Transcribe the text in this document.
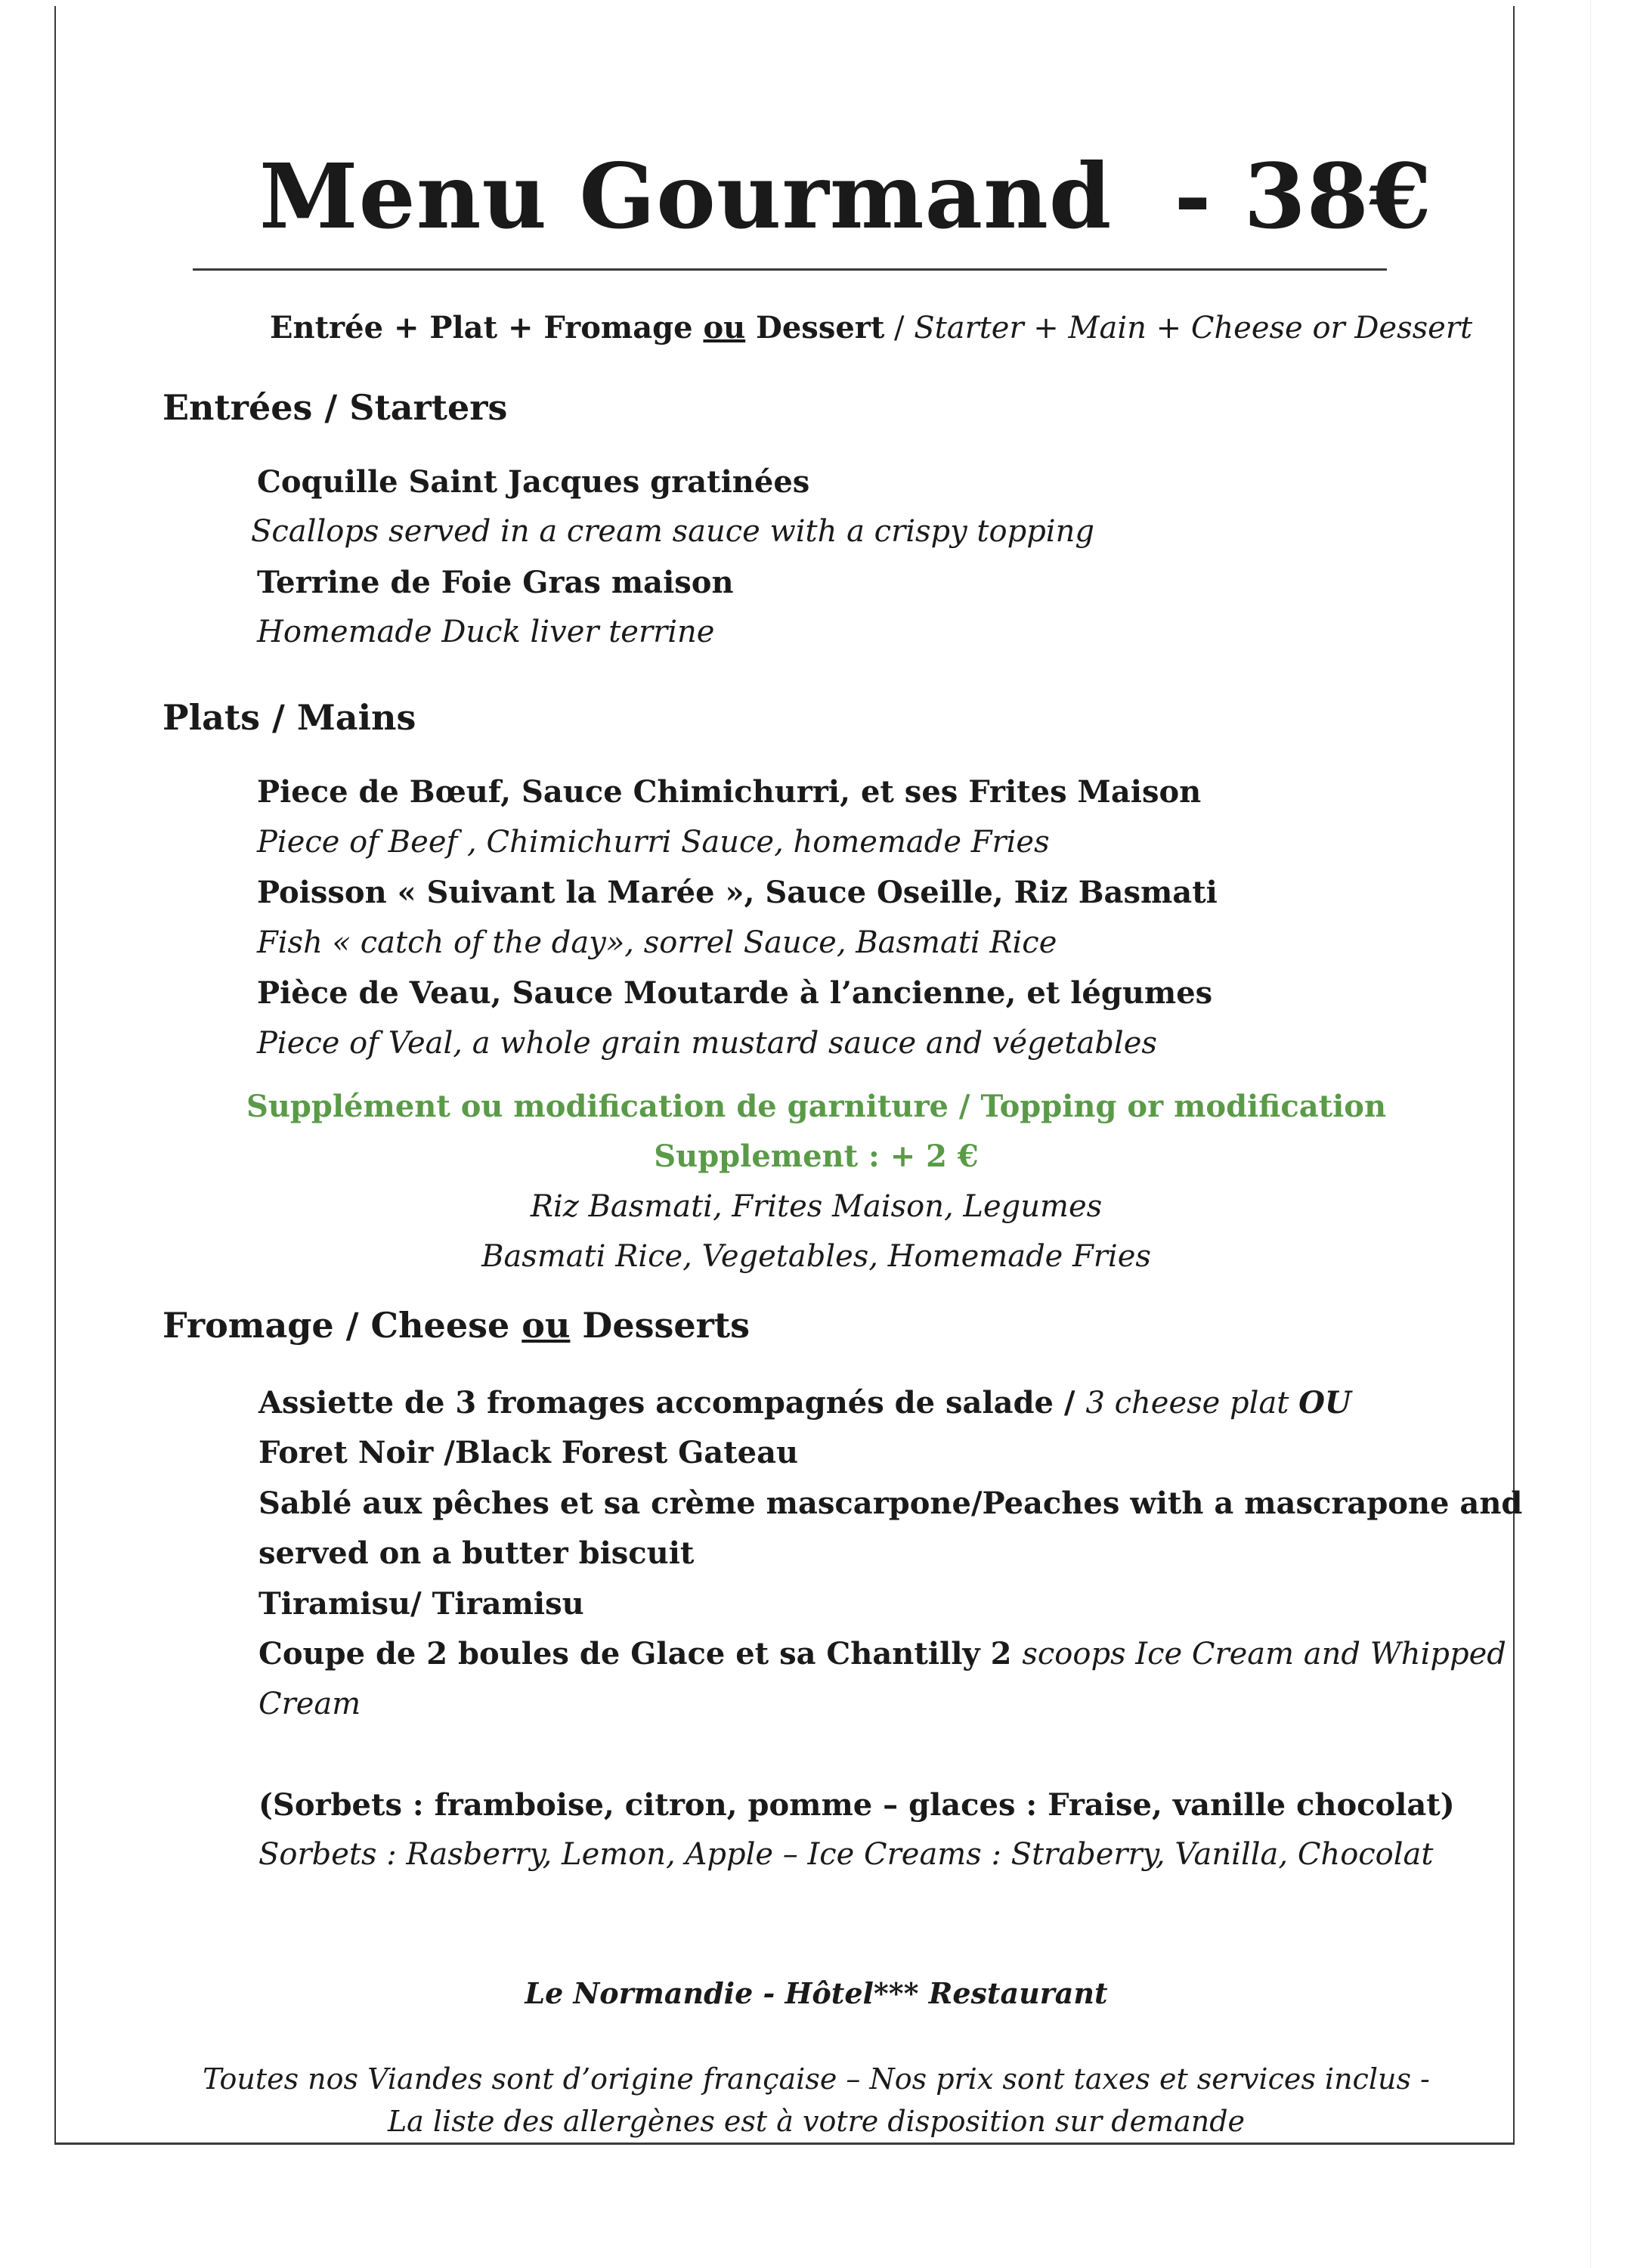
Menu Gourmand - 38€
Entrée + Plat + Fromage ou Dessert / Starter + Main + Cheese or Dessert
Entrées / Starters
Coquille Saint Jacques gratinées
Scallops served in a cream sauce with a crispy topping
Terrine de Foie Gras maison
Homemade Duck liver terrine
Plats / Mains
Piece de Bœuf, Sauce Chimichurri, et ses Frites Maison
Piece of Beef , Chimichurri Sauce, homemade Fries
Poisson « Suivant la Marée », Sauce Oseille, Riz Basmati
Fish « catch of the day», sorrel Sauce, Basmati Rice
Pièce de Veau, Sauce Moutarde à l’ancienne, et légumes
Piece of Veal, a whole grain mustard sauce and végetables
Supplément ou modification de garniture / Topping or modification
Supplement : + 2 €
Riz Basmati, Frites Maison, Legumes
Basmati Rice, Vegetables, Homemade Fries
Fromage / Cheese ou Desserts
Assiette de 3 fromages accompagnés de salade / 3 cheese plat OU
Foret Noir /Black Forest Gateau
Sablé aux pêches et sa crème mascarpone/Peaches with a mascrapone and
served on a butter biscuit
Tiramisu/ Tiramisu
Coupe de 2 boules de Glace et sa Chantilly 2 scoops Ice Cream and Whipped
Cream
(Sorbets : framboise, citron, pomme – glaces : Fraise, vanille chocolat)
Sorbets : Rasberry, Lemon, Apple – Ice Creams : Straberry, Vanilla, Chocolat
Le Normandie - Hôtel*** Restaurant
Toutes nos Viandes sont d’origine française – Nos prix sont taxes et services inclus -
La liste des allergènes est à votre disposition sur demande
